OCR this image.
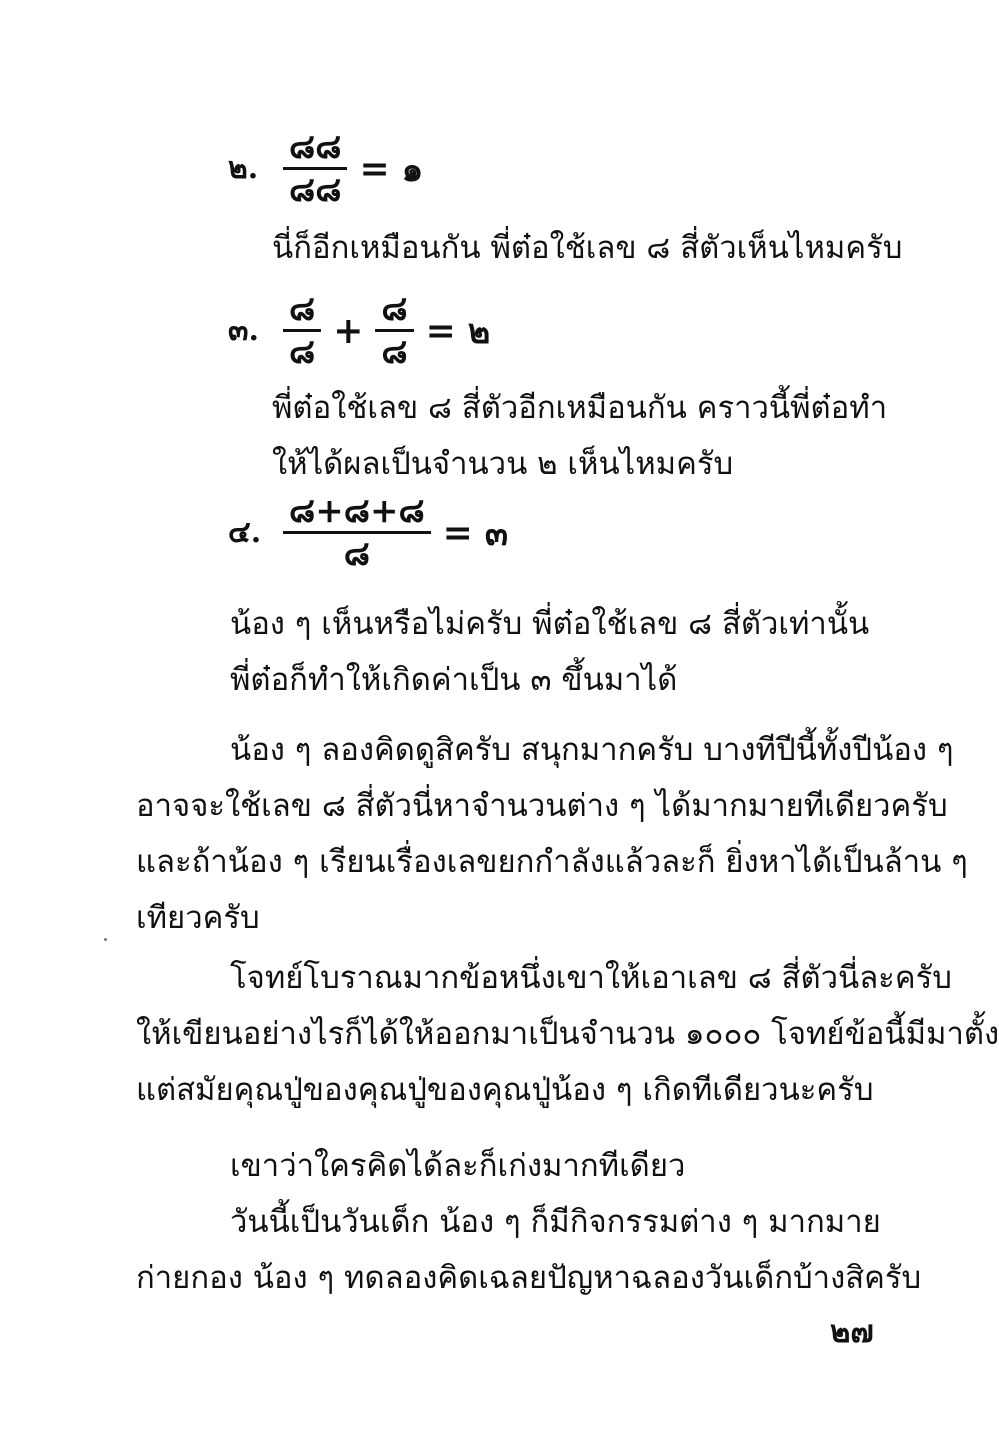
๒. $\frac{๘๘}{๘๘}$ = ๑
นี่ก็อีกเหมือนกัน พี่ต๋อใช้เลข ๘ สี่ตัวเห็นไหมครับ
๓. $\frac{๘}{๘} + \frac{๘}{๘}$ = ๒
พี่ต๋อใช้เลข ๘ สี่ตัวอีกเหมือนกัน คราวนี้พี่ต๋อทำ
ให้ได้ผลเป็นจำนวน ๒ เห็นไหมครับ
๔. $\frac{๘+๘+๘}{๘}$ = ๓
น้อง ๆ เห็นหรือไม่ครับ พี่ต๋อใช้เลข ๘ สี่ตัวเท่านั้น
พี่ต๋อก็ทำให้เกิดค่าเป็น ๓ ขึ้นมาได้
น้อง ๆ ลองคิดดูสิครับ สนุกมากครับ บางทีปีนี้ทั้งปีน้อง ๆ
อาจจะใช้เลข ๘ สี่ตัวนี่หาจำนวนต่าง ๆ ได้มากมายทีเดียวครับ
และถ้าน้อง ๆ เรียนเรื่องเลขยกกำลังแล้วละก็ ยิ่งหาได้เป็นล้าน ๆ
เทียวครับ
โจทย์โบราณมากข้อหนึ่งเขาให้เอาเลข ๘ สี่ตัวนี่ละครับ
ให้เขียนอย่างไรก็ได้ให้ออกมาเป็นจำนวน ๑๐๐๐ โจทย์ข้อนี้มีมาตั้ง
แต่สมัยคุณปู่ของคุณปู่ของคุณปู่น้อง ๆ เกิดทีเดียวนะครับ
เขาว่าใครคิดได้ละก็เก่งมากทีเดียว
วันนี้เป็นวันเด็ก น้อง ๆ ก็มีกิจกรรมต่าง ๆ มากมาย
ก่ายกอง น้อง ๆ ทดลองคิดเฉลยปัญหาฉลองวันเด็กบ้างสิครับ
๒๗
